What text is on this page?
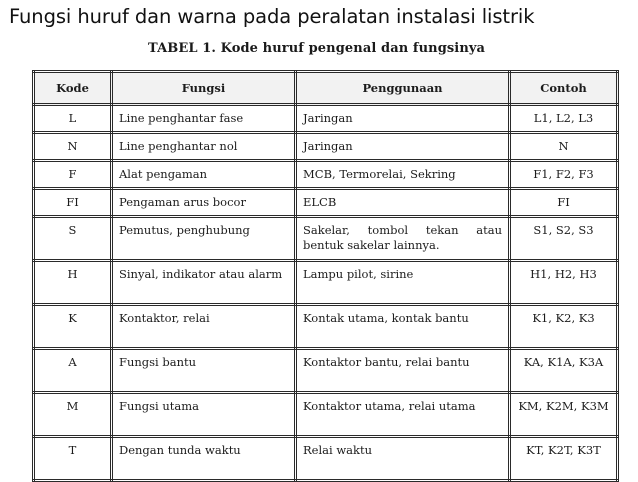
Fungsi huruf dan warna pada peralatan instalasi listrik
TABEL 1. Kode huruf pengenal dan fungsinya
Kode	Fungsi	Penggunaan	Contoh
L	Line penghantar fase	Jaringan	L1, L2, L3
N	Line penghantar nol	Jaringan	N
F	Alat pengaman	MCB, Termorelai, Sekring	F1, F2, F3
FI	Pengaman arus bocor	ELCB	FI
S	Pemutus, penghubung	Sakelar, tombol tekan atau bentuk sakelar lainnya.	S1, S2, S3
H	Sinyal, indikator atau alarm	Lampu pilot, sirine	H1, H2, H3
K	Kontaktor, relai	Kontak utama, kontak bantu	K1, K2, K3
A	Fungsi bantu	Kontaktor bantu, relai bantu	KA, K1A, K3A
M	Fungsi utama	Kontaktor utama, relai utama	KM, K2M, K3M
T	Dengan tunda waktu	Relai waktu	KT, K2T, K3T
